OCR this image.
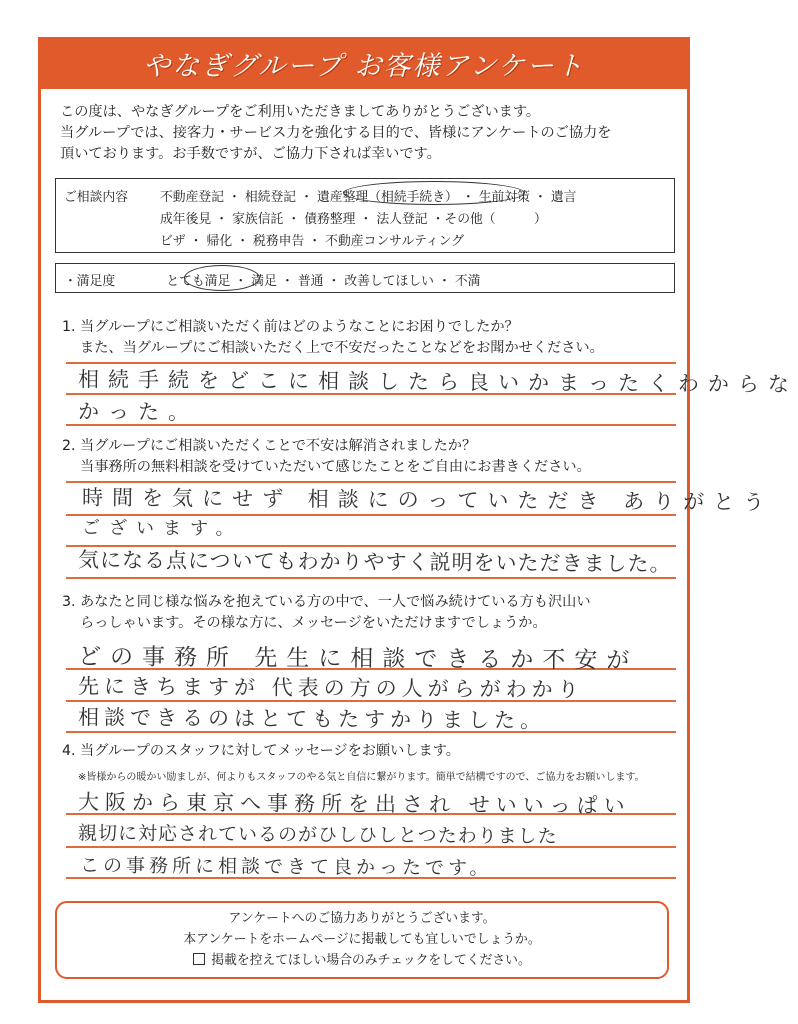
やなぎグループ お客様アンケート
この度は、やなぎグループをご利用いただきましてありがとうございます。
当グループでは、接客力・サービス力を強化する目的で、皆様にアンケートのご協力を
頂いております。お手数ですが、ご協力下されば幸いです。
ご相談内容	不動産登記 ・ 相続登記 ・ 遺産整理（相続手続き） ・ 生前対策 ・ 遺言
成年後見 ・ 家族信託 ・ 債務整理 ・ 法人登記 ・その他（　　　）
ビザ ・ 帰化 ・ 税務申告 ・ 不動産コンサルティング
・満足度　　　　とても満足 ・ 満足 ・ 普通 ・ 改善してほしい ・ 不満
1. 当グループにご相談いただく前はどのようなことにお困りでしたか？
また、当グループにご相談いただく上で不安だったことなどをお聞かせください。
相続手続をどこに相談したら良いかまったくわからな
かった。
2. 当グループにご相談いただくことで不安は解消されましたか？
当事務所の無料相談を受けていただいて感じたことをご自由にお書きください。
時間を気にせず 相談にのっていただき ありがとう
ございます。
気になる点についてもわかりやすく説明をいただきました。
3. あなたと同じ様な悩みを抱えている方の中で、一人で悩み続けている方も沢山い
らっしゃいます。その様な方に、メッセージをいただけますでしょうか。
どの事務所 先生に相談できるか不安が
先にきちますが 代表の方の人がらがわかり
相談できるのはとてもたすかりました。
4. 当グループのスタッフに対してメッセージをお願いします。
※皆様からの暖かい励ましが、何よりもスタッフのやる気と自信に繋がります。簡単で結構ですので、ご協力をお願いします。
大阪から東京へ事務所を出され せいいっぱい
親切に対応されているのがひしひしとつたわりました
この事務所に相談できて良かったです。
アンケートへのご協力ありがとうございます。
本アンケートをホームページに掲載しても宜しいでしょうか。
掲載を控えてほしい場合のみチェックをしてください。
